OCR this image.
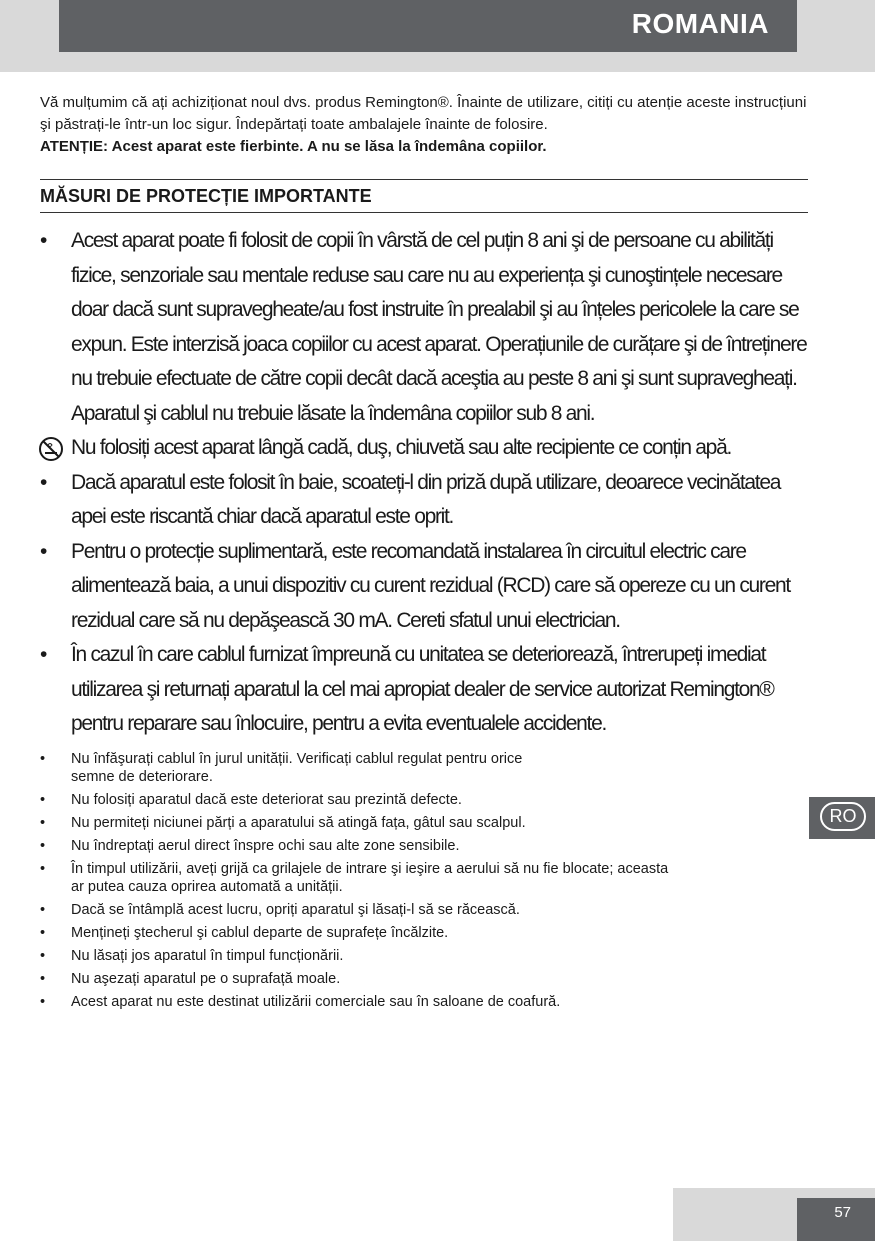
ROMANIA

Vă mulțumim că ați achiziționat noul dvs. produs Remington®. Înainte de utilizare, citiți cu atenție aceste instrucțiuni şi păstrați-le într-un loc sigur. Îndepărtați toate ambalajele înainte de folosire.

ATENȚIE: Acest aparat este fierbinte. A nu se lăsa la îndemâna copiilor.

MĂSURI DE PROTECȚIE IMPORTANTE
• Acest aparat poate fi folosit de copii în vârstă de cel puțin 8 ani şi de persoane cu abilități fizice, senzoriale sau mentale reduse sau care nu au experiența şi cunoştințele necesare doar dacă sunt supravegheate/au fost instruite în prealabil şi au înțeles pericolele la care se expun. Este interzisă joaca copiilor cu acest aparat. Operațiunile de curățare şi de întreținere nu trebuie efectuate de către copii decât dacă aceştia au peste 8 ani şi sunt supravegheați. Aparatul şi cablul nu trebuie lăsate la îndemâna copiilor sub 8 ani.
Nu folosiți acest aparat lângă cadă, duş, chiuvetă sau alte recipiente ce conțin apă.
• Dacă aparatul este folosit în baie, scoateți-l din priză după utilizare, deoarece vecinătatea apei este riscantă chiar dacă aparatul este oprit.
• Pentru o protecție suplimentară, este recomandată instalarea în circuitul electric care alimentează baia, a unui dispozitiv cu curent rezidual (RCD) care să opereze cu un curent rezidual care să nu depăşească 30 mA. Cereti sfatul unui electrician.
• În cazul în care cablul furnizat împreună cu unitatea se deteriorează, întrerupeți imediat utilizarea şi returnați aparatul la cel mai apropiat dealer de service autorizat Remington® pentru reparare sau înlocuire, pentru a evita eventualele accidente.
• Nu înfăşurați cablul în jurul unității. Verificați cablul regulat pentru orice
semne de deteriorare.
• Nu folosiți aparatul dacă este deteriorat sau prezintă defecte.
• Nu permiteți niciunei părți a aparatului să atingă fața, gâtul sau scalpul.
• Nu îndreptați aerul direct înspre ochi sau alte zone sensibile.
• În timpul utilizării, aveți grijă ca grilajele de intrare şi ieşire a aerului să nu fie blocate; aceasta
ar putea cauza oprirea automată a unității.
• Dacă se întâmplă acest lucru, opriți aparatul şi lăsați-l să se răcească.
• Mențineți ştecherul şi cablul departe de suprafețe încălzite.
• Nu lăsați jos aparatul în timpul funcționării.
• Nu aşezați aparatul pe o suprafață moale.
• Acest aparat nu este destinat utilizării comerciale sau în saloane de coafură.
RO
57
